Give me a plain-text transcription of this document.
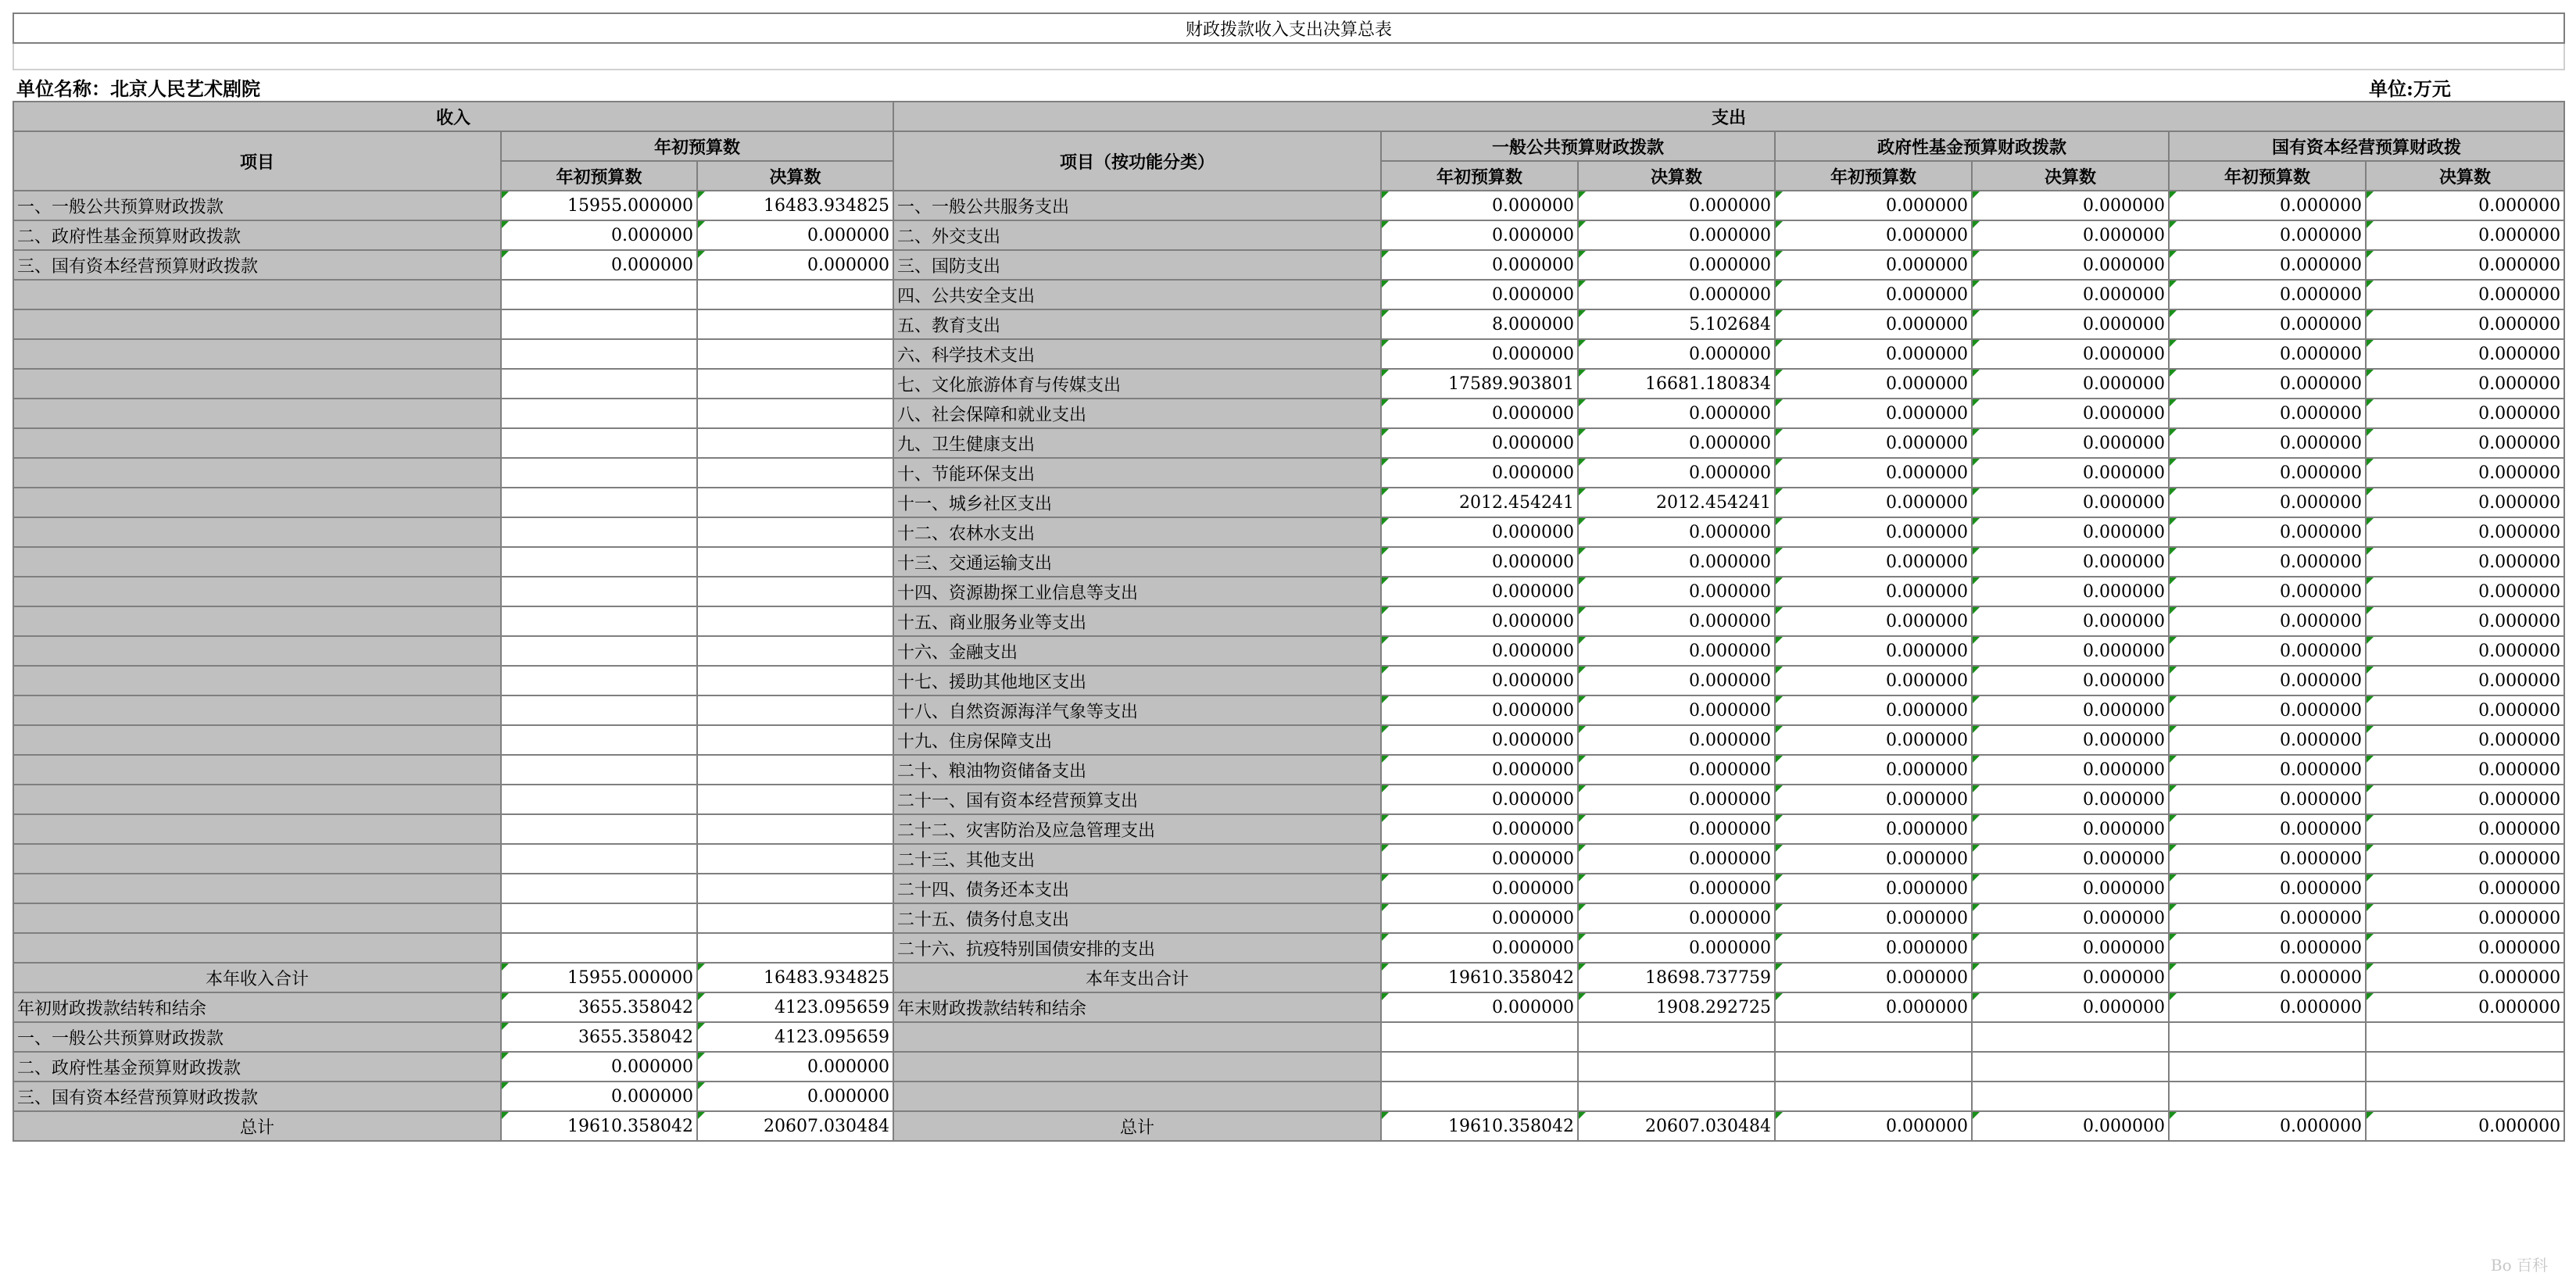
财政拨款收入支出决算总表									

单位名称：北京人民艺术剧院									单位:万元
收入			支出						
项目	年初预算数		项目（按功能分类）	一般公共预算财政拨款		政府性基金预算财政拨款		国有资本经营预算财政拨	
	年初预算数	决算数		年初预算数	决算数	年初预算数	决算数	年初预算数	决算数
一、一般公共预算财政拨款	15955.000000	16483.934825	一、一般公共服务支出	0.000000	0.000000	0.000000	0.000000	0.000000	0.000000
二、政府性基金预算财政拨款	0.000000	0.000000	二、外交支出	0.000000	0.000000	0.000000	0.000000	0.000000	0.000000
三、国有资本经营预算财政拨款	0.000000	0.000000	三、国防支出	0.000000	0.000000	0.000000	0.000000	0.000000	0.000000
			四、公共安全支出	0.000000	0.000000	0.000000	0.000000	0.000000	0.000000
			五、教育支出	8.000000	5.102684	0.000000	0.000000	0.000000	0.000000
			六、科学技术支出	0.000000	0.000000	0.000000	0.000000	0.000000	0.000000
			七、文化旅游体育与传媒支出	17589.903801	16681.180834	0.000000	0.000000	0.000000	0.000000
			八、社会保障和就业支出	0.000000	0.000000	0.000000	0.000000	0.000000	0.000000
			九、卫生健康支出	0.000000	0.000000	0.000000	0.000000	0.000000	0.000000
			十、节能环保支出	0.000000	0.000000	0.000000	0.000000	0.000000	0.000000
			十一、城乡社区支出	2012.454241	2012.454241	0.000000	0.000000	0.000000	0.000000
			十二、农林水支出	0.000000	0.000000	0.000000	0.000000	0.000000	0.000000
			十三、交通运输支出	0.000000	0.000000	0.000000	0.000000	0.000000	0.000000
			十四、资源勘探工业信息等支出	0.000000	0.000000	0.000000	0.000000	0.000000	0.000000
			十五、商业服务业等支出	0.000000	0.000000	0.000000	0.000000	0.000000	0.000000
			十六、金融支出	0.000000	0.000000	0.000000	0.000000	0.000000	0.000000
			十七、援助其他地区支出	0.000000	0.000000	0.000000	0.000000	0.000000	0.000000
			十八、自然资源海洋气象等支出	0.000000	0.000000	0.000000	0.000000	0.000000	0.000000
			十九、住房保障支出	0.000000	0.000000	0.000000	0.000000	0.000000	0.000000
			二十、粮油物资储备支出	0.000000	0.000000	0.000000	0.000000	0.000000	0.000000
			二十一、国有资本经营预算支出	0.000000	0.000000	0.000000	0.000000	0.000000	0.000000
			二十二、灾害防治及应急管理支出	0.000000	0.000000	0.000000	0.000000	0.000000	0.000000
			二十三、其他支出	0.000000	0.000000	0.000000	0.000000	0.000000	0.000000
			二十四、债务还本支出	0.000000	0.000000	0.000000	0.000000	0.000000	0.000000
			二十五、债务付息支出	0.000000	0.000000	0.000000	0.000000	0.000000	0.000000
			二十六、抗疫特别国债安排的支出	0.000000	0.000000	0.000000	0.000000	0.000000	0.000000
本年收入合计	15955.000000	16483.934825	本年支出合计	19610.358042	18698.737759	0.000000	0.000000	0.000000	0.000000
年初财政拨款结转和结余	3655.358042	4123.095659	年末财政拨款结转和结余	0.000000	1908.292725	0.000000	0.000000	0.000000	0.000000
一、一般公共预算财政拨款	3655.358042	4123.095659							
二、政府性基金预算财政拨款	0.000000	0.000000							
三、国有资本经营预算财政拨款	0.000000	0.000000							
总计	19610.358042	20607.030484	总计	19610.358042	20607.030484	0.000000	0.000000	0.000000	0.000000
Bo 百科
